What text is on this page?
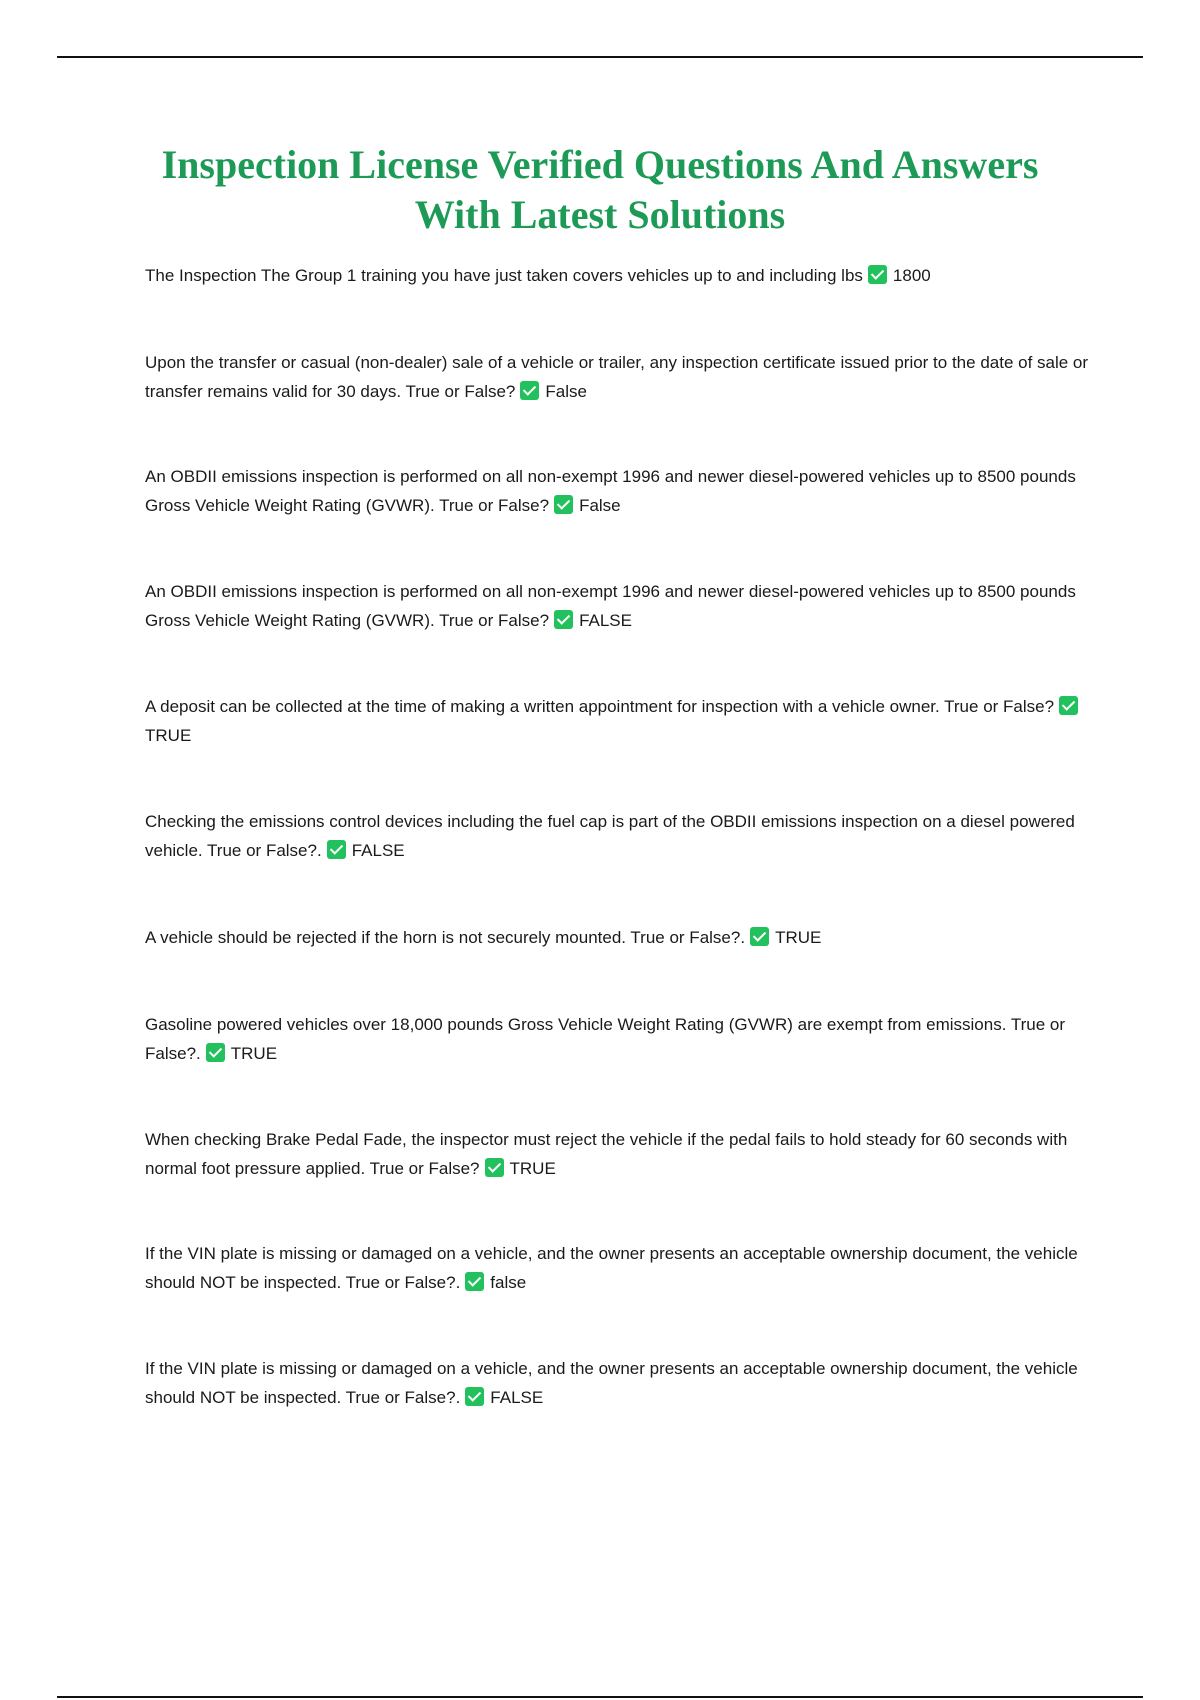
Inspection License Verified Questions And Answers
With Latest Solutions

The Inspection The Group 1 training you have just taken covers vehicles up to and including lbs 1800

Upon the transfer or casual (non-dealer) sale of a vehicle or trailer, any inspection certificate issued prior to the date of sale or transfer remains valid for 30 days. True or False? False

An OBDII emissions inspection is performed on all non-exempt 1996 and newer diesel-powered vehicles up to 8500 pounds Gross Vehicle Weight Rating (GVWR). True or False? False

An OBDII emissions inspection is performed on all non-exempt 1996 and newer diesel-powered vehicles up to 8500 pounds Gross Vehicle Weight Rating (GVWR). True or False? FALSE

A deposit can be collected at the time of making a written appointment for inspection with a vehicle owner. True or False?TRUE

Checking the emissions control devices including the fuel cap is part of the OBDII emissions inspection on a diesel powered vehicle. True or False?. FALSE

A vehicle should be rejected if the horn is not securely mounted. True or False?. TRUE

Gasoline powered vehicles over 18,000 pounds Gross Vehicle Weight Rating (GVWR) are exempt from emissions. True or False?. TRUE

When checking Brake Pedal Fade, the inspector must reject the vehicle if the pedal fails to hold steady for 60 seconds with normal foot pressure applied. True or False? TRUE

If the VIN plate is missing or damaged on a vehicle, and the owner presents an acceptable ownership document, the vehicle should NOT be inspected. True or False?. false

If the VIN plate is missing or damaged on a vehicle, and the owner presents an acceptable ownership document, the vehicle should NOT be inspected. True or False?. FALSE
